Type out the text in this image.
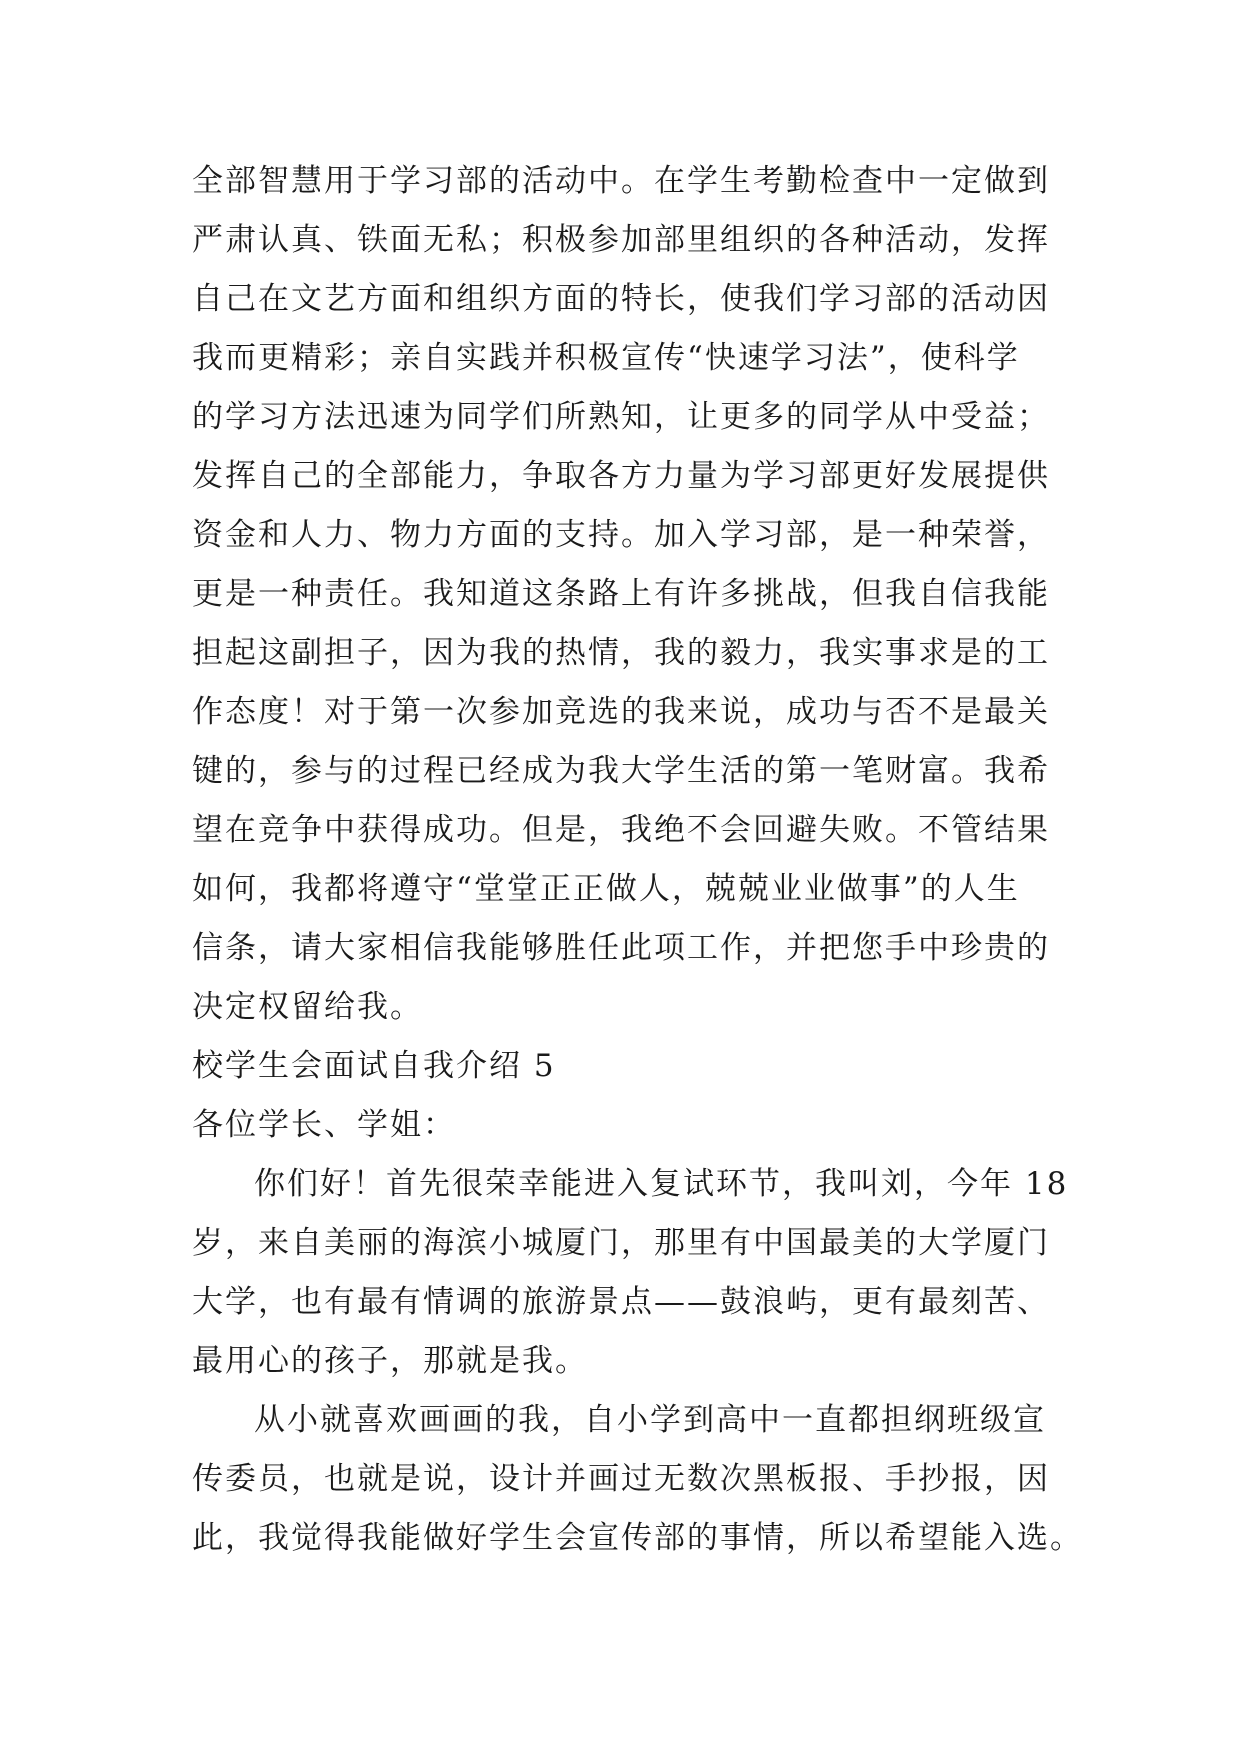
全部智慧用于学习部的活动中。在学生考勤检查中一定做到
严肃认真、铁面无私；积极参加部里组织的各种活动，发挥
自己在文艺方面和组织方面的特长，使我们学习部的活动因
我而更精彩；亲自实践并积极宣传“快速学习法”，使科学
的学习方法迅速为同学们所熟知，让更多的同学从中受益；
发挥自己的全部能力，争取各方力量为学习部更好发展提供
资金和人力、物力方面的支持。加入学习部，是一种荣誉，
更是一种责任。我知道这条路上有许多挑战，但我自信我能
担起这副担子，因为我的热情，我的毅力，我实事求是的工
作态度！对于第一次参加竞选的我来说，成功与否不是最关
键的，参与的过程已经成为我大学生活的第一笔财富。我希
望在竞争中获得成功。但是，我绝不会回避失败。不管结果
如何，我都将遵守“堂堂正正做人，兢兢业业做事”的人生
信条，请大家相信我能够胜任此项工作，并把您手中珍贵的
决定权留给我。
校学生会面试自我介绍 5
各位学长、学姐：
你们好！首先很荣幸能进入复试环节，我叫刘，今年 18
岁，来自美丽的海滨小城厦门，那里有中国最美的大学厦门
大学，也有最有情调的旅游景点——鼓浪屿，更有最刻苦、
最用心的孩子，那就是我。
从小就喜欢画画的我，自小学到高中一直都担纲班级宣
传委员，也就是说，设计并画过无数次黑板报、手抄报，因
此，我觉得我能做好学生会宣传部的事情，所以希望能入选。
